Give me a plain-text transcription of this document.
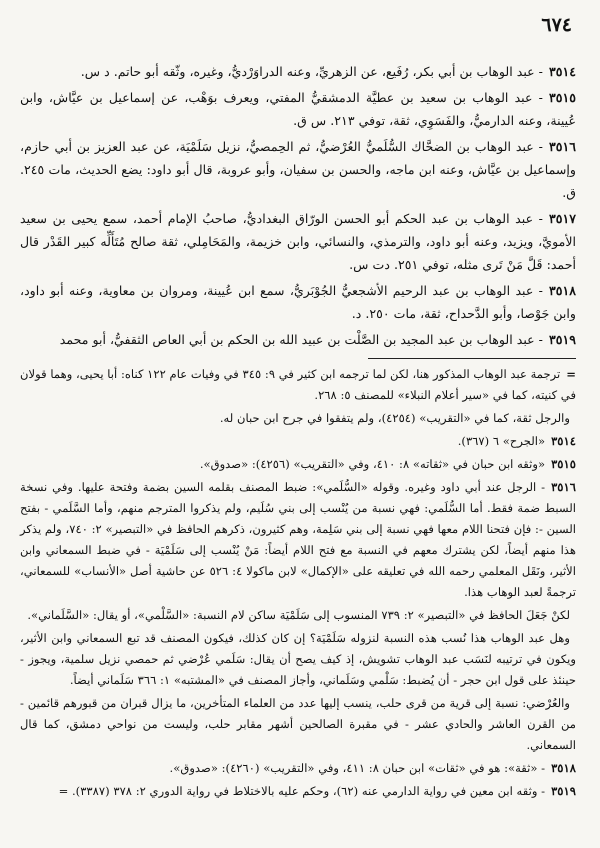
٦٧٤

٣٥١٤- عبد الوهاب بن أبي بكر، رُفَيع، عن الزهريِّ، وعنه الدراوَرْديُّ، وغيره، وثّقه أبو حاتم. د س.

٣٥١٥- عبد الوهاب بن سعيد بن عطيَّة الدمشقيُّ المفتي، ويعرف بوَهْب، عن إسماعيل بن عيَّاش، وابن عُيينة، وعنه الدارميُّ، والفَسَوِي، ثقة، توفي ٢١٣. س ق.

٣٥١٦- عبد الوهاب بن الضحَّاك السُّلَميُّ العُرْضيُّ، ثم الحِمصيُّ، نزيل سَلَمْيَة، عن عبد العزيز بن أبي حازم، وإسماعيل بن عيَّاش، وعنه ابن ماجه، والحسن بن سفيان، وأبو عروبة، قال أبو داود: يضع الحديث، مات ٢٤٥. ق.

٣٥١٧- عبد الوهاب بن عبد الحكم أبو الحسن الورّاق البغداديُّ، صاحبُ الإمام أحمد، سمع يحيى بن سعيد الأمويَّ، ويزيد، وعنه أبو داود، والترمذي، والنسائي، وابن خزيمة، والمَحَامِلي، ثقة صالح مُتَأَلِّه كبير القَدْر قال أحمد: قَلَّ مَنْ تَرى مثله، توفي ٢٥١. دت س.

٣٥١٨- عبد الوهاب بن عبد الرحيم الأشجعيُّ الجُوْبَريُّ، سمع ابن عُيينة، ومروان بن معاوية، وعنه أبو داود، وابن جَوْصا، وأبو الدَّحداح، ثقة، مات ٢٥٠. د.

٣٥١٩- عبد الوهاب بن عبد المجيد بن الصَّلْت بن عبيد الله بن الحكم بن أبي العاص الثقفيُّ، أبو محمد

=ترجمة عبد الوهاب المذكور هنا، لكن لما ترجمه ابن كثير في ٩: ٣٤٥ في وفيات عام ١٢٢ كناه: أبا يحيى، وهما قولان في كنيته، كما في «سير أعلام النبلاء» للمصنف ٥: ٢٦٨.

والرجل ثقة، كما في «التقريب» (٤٢٥٤)، ولم يتفقوا في جرح ابن حبان له.

٣٥١٤«الجرح» ٦ (٣٦٧).

٣٥١٥«وثقه ابن حبان في «ثقاته» ٨: ٤١٠، وفي «التقريب» (٤٢٥٦): «صدوق».

٣٥١٦- الرجل عند أبي داود وغيره. وقوله «السُّلَمي»: ضبط المصنف بقلمه السين بضمة وفتحة عليها. وفي نسخة السبط ضمة فقط. أما السُّلَمي: فهي نسبة من يُنْسب إلى بني سُلَيم، ولم يذكروا المترجم منهم، وأما السَّلَمي - بفتح السين -: فإن فتحنا اللام معها فهي نسبة إلى بني سَلِمة، وهم كثيرون، ذكرهم الحافظ في «التبصير» ٢: ٧٤٠، ولم يذكر هذا منهم أيضاً، لكن يشترك معهم في النسبة مع فتح اللام أيضاً: مَنْ يُنْسب إلى سَلَمْيَة - في ضبط السمعاني وابن الأثير، ونَقَل المعلمي رحمه الله في تعليقه على «الإكمال» لابن ماكولا ٤: ٥٢٦ عن حاشية أصل «الأنساب» للسمعاني، ترجمةً لعبد الوهاب هذا.

لكنْ جَعَلَ الحافظ في «التبصير» ٢: ٧٣٩ المنسوب إلى سَلَمْيَة ساكن لام النسبة: «السَّلْمي»، أو يقال: «السَّلَماني».

وهل عبد الوهاب هذا نُسب هذه النسبة لنزوله سَلَمْيَة؟ إن كان كذلك، فيكون المصنف قد تبع السمعاني وابن الأثير، ويكون في ترتيبه لنَسَب عبد الوهاب تشويش، إذ كيف يصح أن يقال: سَلَمي عُرْضي ثم حمصي نزيل سلمية، ويجوز - حينئذ على قول ابن حجر - أن يُضبط: سَلْمي وسَلَماني، وأجاز المصنف في «المشتبه» ١: ٣٦٦ سَلَماني أيضاً.

والعُرْضي: نسبة إلى قرية من قرى حلب، ينسب إليها عدد من العلماء المتأخرين، ما يزال قبران من قبورهم قائمين - من القرن العاشر والحادي عشر - في مقبرة الصالحين أشهر مقابر حلب، وليست من نواحي دمشق، كما قال السمعاني.

٣٥١٨- «ثقة»: هو في «ثقات» ابن حبان ٨: ٤١١، وفي «التقريب» (٤٢٦٠): «صدوق».

٣٥١٩- وثقه ابن معين في رواية الدارمي عنه (٦٢)، وحكم عليه بالاختلاط في رواية الدوري ٢: ٣٧٨ (٣٣٨٧). =
